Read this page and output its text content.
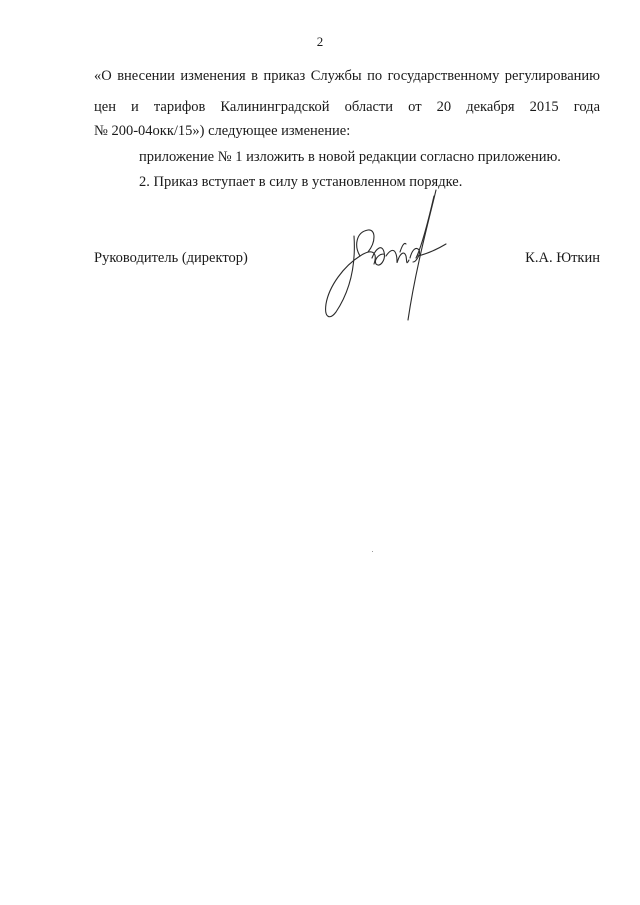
2
«О внесении изменения в приказ Службы по государственному регулированию
цен и тарифов Калининградской области от 20 декабря 2015 года
№ 200-04окк/15») следующее изменение:
приложение № 1 изложить в новой редакции согласно приложению.
2. Приказ вступает в силу в установленном порядке.
Руководитель (директор)	К.А. Юткин
